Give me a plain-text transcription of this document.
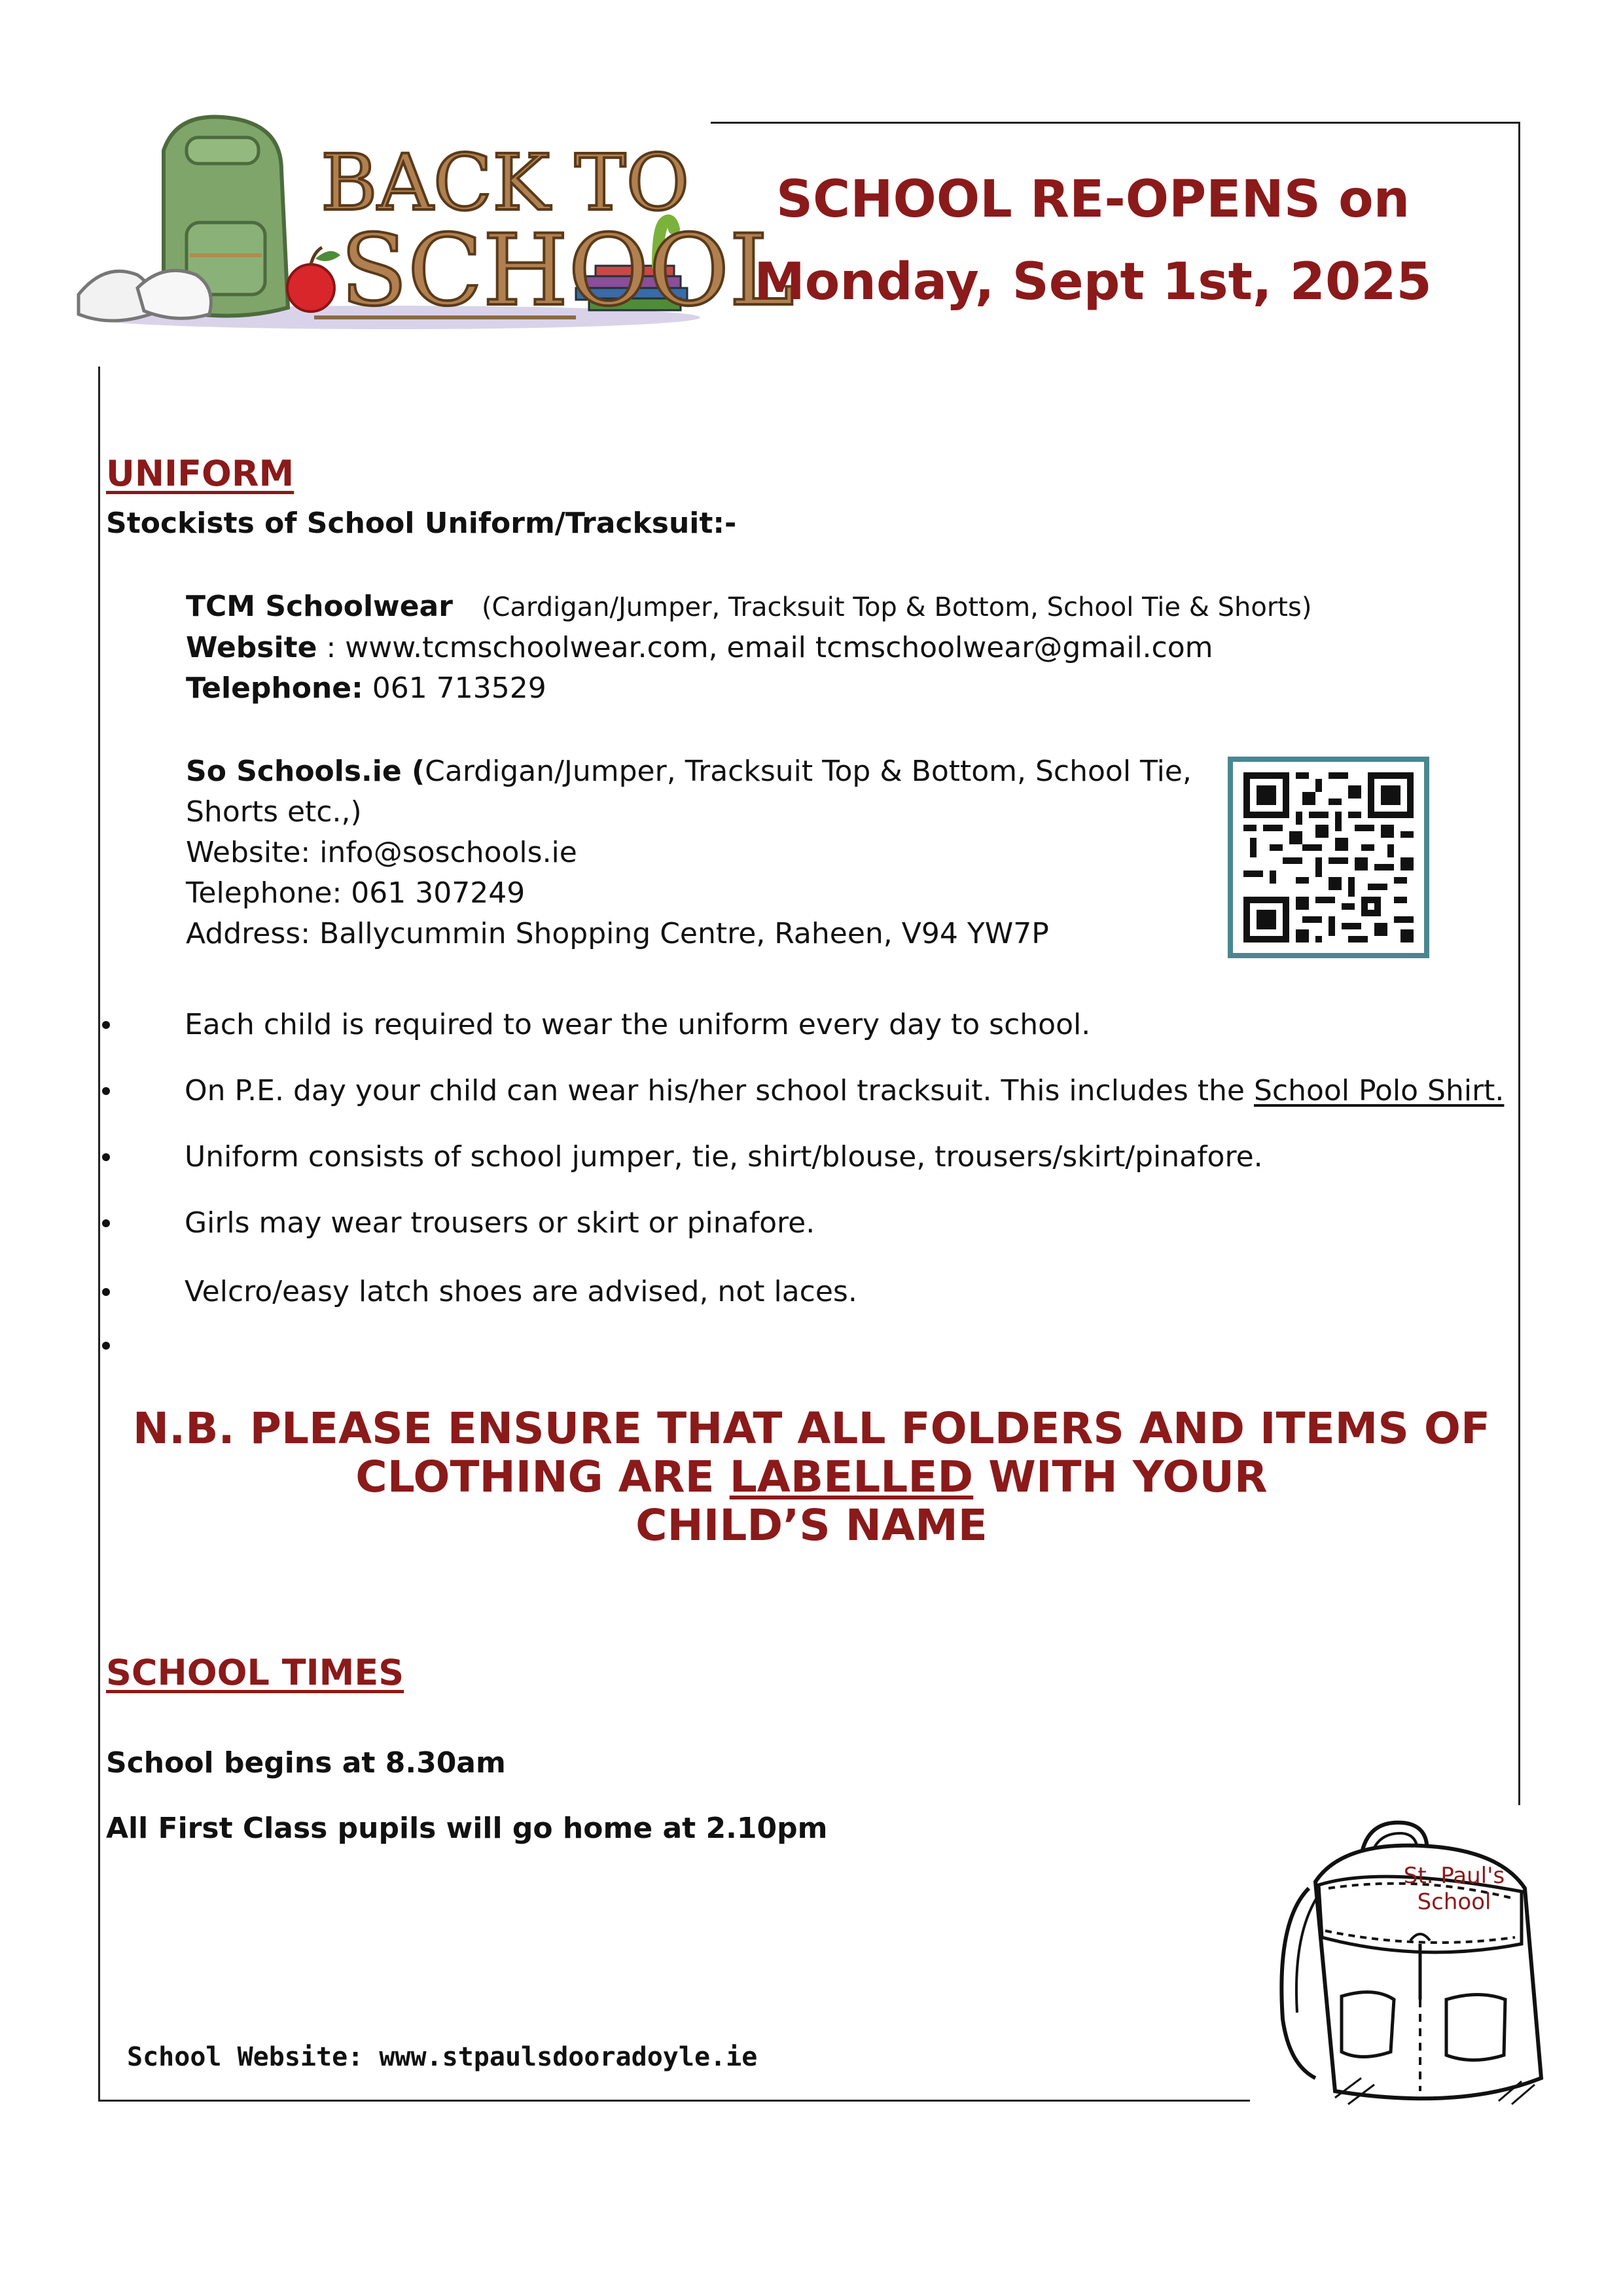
BACK TO
SCHOOL
SCHOOL RE-OPENS on
Monday, Sept 1st, 2025
UNIFORM
Stockists of School Uniform/Tracksuit:-
TCM Schoolwear (Cardigan/Jumper, Tracksuit Top & Bottom, School Tie & Shorts)
Website : www.tcmschoolwear.com, email tcmschoolwear@gmail.com
Telephone: 061 713529
So Schools.ie (Cardigan/Jumper, Tracksuit Top & Bottom, School Tie,
Shorts etc.,)
Website: info@soschools.ie
Telephone: 061 307249
Address: Ballycummin Shopping Centre, Raheen, V94 YW7P
Each child is required to wear the uniform every day to school.
On P.E. day your child can wear his/her school tracksuit. This includes the School Polo Shirt.
Uniform consists of school jumper, tie, shirt/blouse, trousers/skirt/pinafore.
Girls may wear trousers or skirt or pinafore.
Velcro/easy latch shoes are advised, not laces.
N.B. PLEASE ENSURE THAT ALL FOLDERS AND ITEMS OF
CLOTHING ARE LABELLED WITH YOUR
CHILD’S NAME
SCHOOL TIMES
School begins at 8.30am
All First Class pupils will go home at 2.10pm
School Website: www.stpaulsdooradoyle.ie
St. Paul's
School
